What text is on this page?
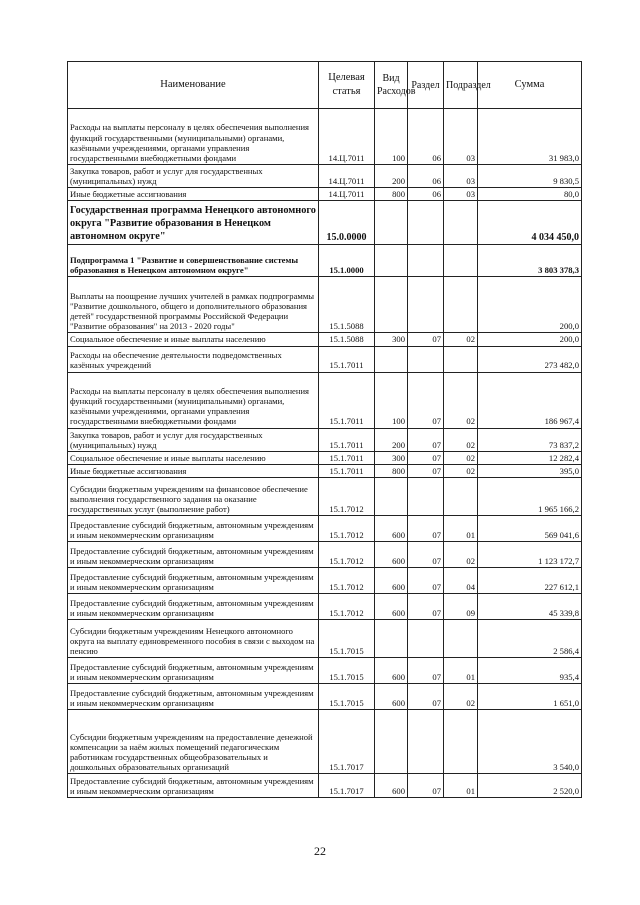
Наименование	Целевая статья	Вид Расходов	Раздел	Подраздел	Сумма
Расходы на выплаты персоналу в целях обеспечения выполнения функций государственными (муниципальными) органами, казёнными учреждениями, органами управления государственными внебюджетными фондами	14.Ц.7011	100	06	03	31 983,0
Закупка товаров, работ и услуг для государственных (муниципальных) нужд	14.Ц.7011	200	06	03	9 830,5
Иные бюджетные ассигнования	14.Ц.7011	800	06	03	80,0
Государственная программа Ненецкого автономного округа "Развитие образования в Ненецком автономном округе"	15.0.0000				4 034 450,0
Подпрограмма 1 "Развитие и совершенствование системы образования в Ненецком автономном округе"	15.1.0000				3 803 378,3
Выплаты на поощрение лучших учителей в рамках подпрограммы "Развитие дошкольного, общего и дополнительного образования детей" государственной программы Российской Федерации "Развитие образования" на 2013 - 2020 годы"	15.1.5088				200,0
Социальное обеспечение и иные выплаты населению	15.1.5088	300	07	02	200,0
Расходы на обеспечение деятельности подведомственных казённых учреждений	15.1.7011				273 482,0
Расходы на выплаты персоналу в целях обеспечения выполнения функций государственными (муниципальными) органами, казёнными учреждениями, органами управления государственными внебюджетными фондами	15.1.7011	100	07	02	186 967,4
Закупка товаров, работ и услуг для государственных (муниципальных) нужд	15.1.7011	200	07	02	73 837,2
Социальное обеспечение и иные выплаты населению	15.1.7011	300	07	02	12 282,4
Иные бюджетные ассигнования	15.1.7011	800	07	02	395,0
Субсидии бюджетным учреждениям на финансовое обеспечение выполнения государственного задания на оказание государственных услуг (выполнение работ)	15.1.7012				1 965 166,2
Предоставление субсидий бюджетным, автономным учреждениям и иным некоммерческим организациям	15.1.7012	600	07	01	569 041,6
Предоставление субсидий бюджетным, автономным учреждениям и иным некоммерческим организациям	15.1.7012	600	07	02	1 123 172,7
Предоставление субсидий бюджетным, автономным учреждениям и иным некоммерческим организациям	15.1.7012	600	07	04	227 612,1
Предоставление субсидий бюджетным, автономным учреждениям и иным некоммерческим организациям	15.1.7012	600	07	09	45 339,8
Субсидии бюджетным учреждениям Ненецкого автономного округа на выплату единовременного пособия в связи с выходом на пенсию	15.1.7015				2 586,4
Предоставление субсидий бюджетным, автономным учреждениям и иным некоммерческим организациям	15.1.7015	600	07	01	935,4
Предоставление субсидий бюджетным, автономным учреждениям и иным некоммерческим организациям	15.1.7015	600	07	02	1 651,0
Субсидии бюджетным учреждениям на предоставление денежной компенсации за наём жилых помещений педагогическим работникам государственных общеобразовательных и дошкольных образовательных организаций	15.1.7017				3 540,0
Предоставление субсидий бюджетным, автономным учреждениям и иным некоммерческим организациям	15.1.7017	600	07	01	2 520,0
22
